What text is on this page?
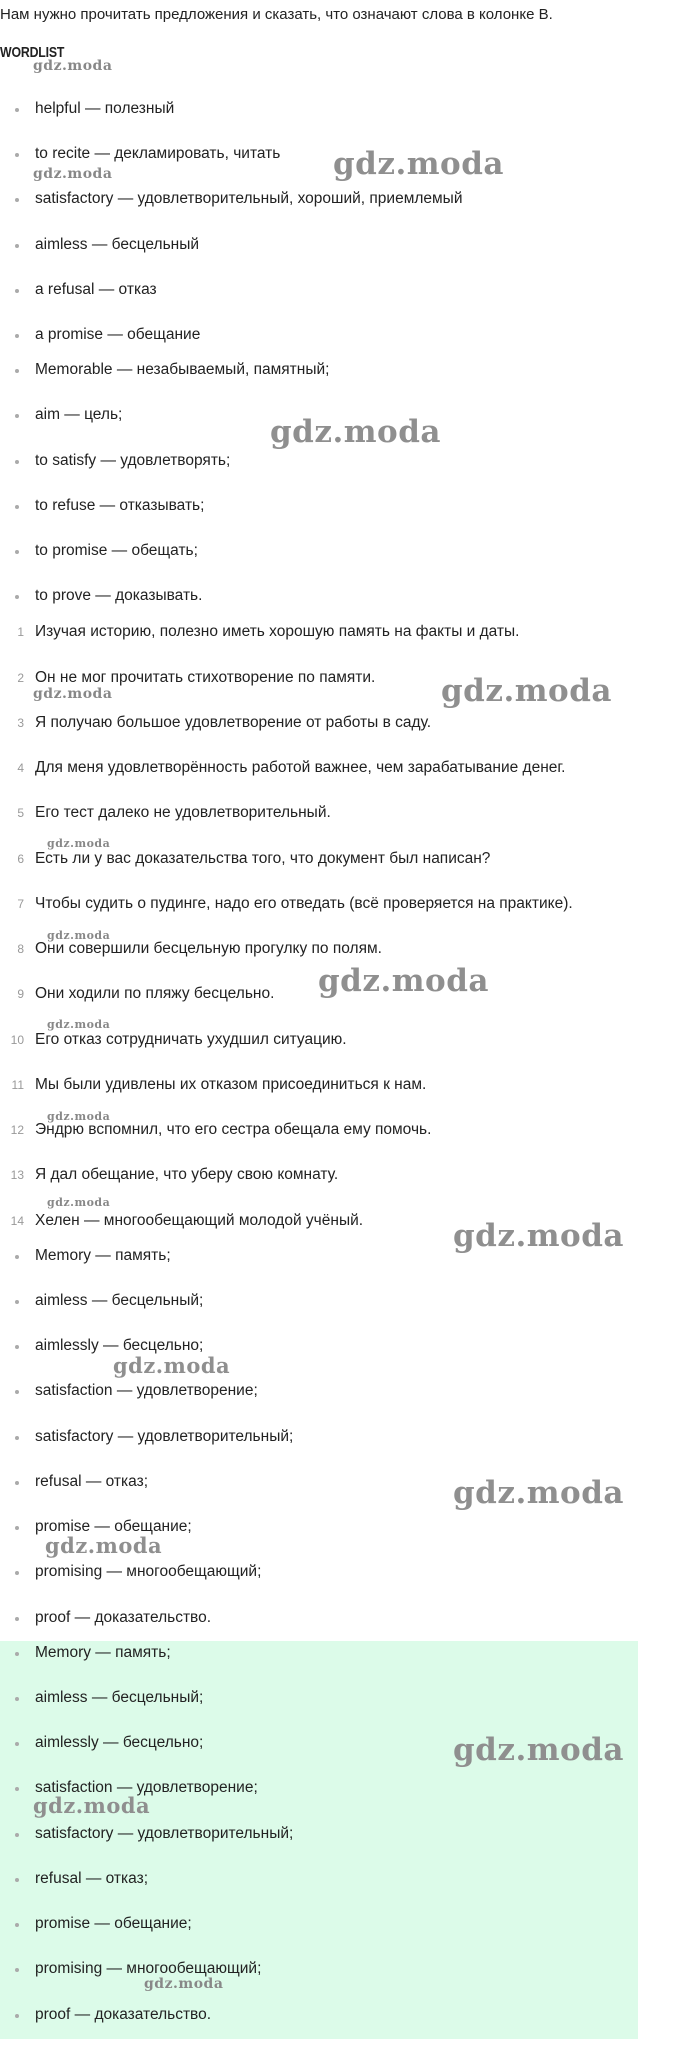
Нам нужно прочитать предложения и сказать, что означают слова в колонке B.
WORDLIST
helpful — полезный
to recite — декламировать, читать
satisfactory — удовлетворительный, хороший, приемлемый
aimless — бесцельный
a refusal — отказ
a promise — обещание
Memorable — незабываемый, памятный;
aim — цель;
to satisfy — удовлетворять;
to refuse — отказывать;
to promise — обещать;
to prove — доказывать.
1 Изучая историю, полезно иметь хорошую память на факты и даты.
2 Он не мог прочитать стихотворение по памяти.
3 Я получаю большое удовлетворение от работы в саду.
4 Для меня удовлетворённость работой важнее, чем зарабатывание денег.
5 Его тест далеко не удовлетворительный.
6 Есть ли у вас доказательства того, что документ был написан?
7 Чтобы судить о пудинге, надо его отведать (всё проверяется на практике).
8 Они совершили бесцельную прогулку по полям.
9 Они ходили по пляжу бесцельно.
10 Его отказ сотрудничать ухудшил ситуацию.
11 Мы были удивлены их отказом присоединиться к нам.
12 Эндрю вспомнил, что его сестра обещала ему помочь.
13 Я дал обещание, что уберу свою комнату.
14 Хелен — многообещающий молодой учёный.
Memory — память;
aimless — бесцельный;
aimlessly — бесцельно;
satisfaction — удовлетворение;
satisfactory — удовлетворительный;
refusal — отказ;
promise — обещание;
promising — многообещающий;
proof — доказательство.
Memory — память;
aimless — бесцельный;
aimlessly — бесцельно;
satisfaction — удовлетворение;
satisfactory — удовлетворительный;
refusal — отказ;
promise — обещание;
promising — многообещающий;
proof — доказательство.
gdz.moda
gdz.moda
gdz.moda
gdz.moda
gdz.moda
gdz.moda
gdz.moda
gdz.moda
gdz.moda
gdz.moda
gdz.moda
gdz.moda
gdz.moda
gdz.moda
gdz.moda
gdz.moda
gdz.moda
gdz.moda
gdz.moda
